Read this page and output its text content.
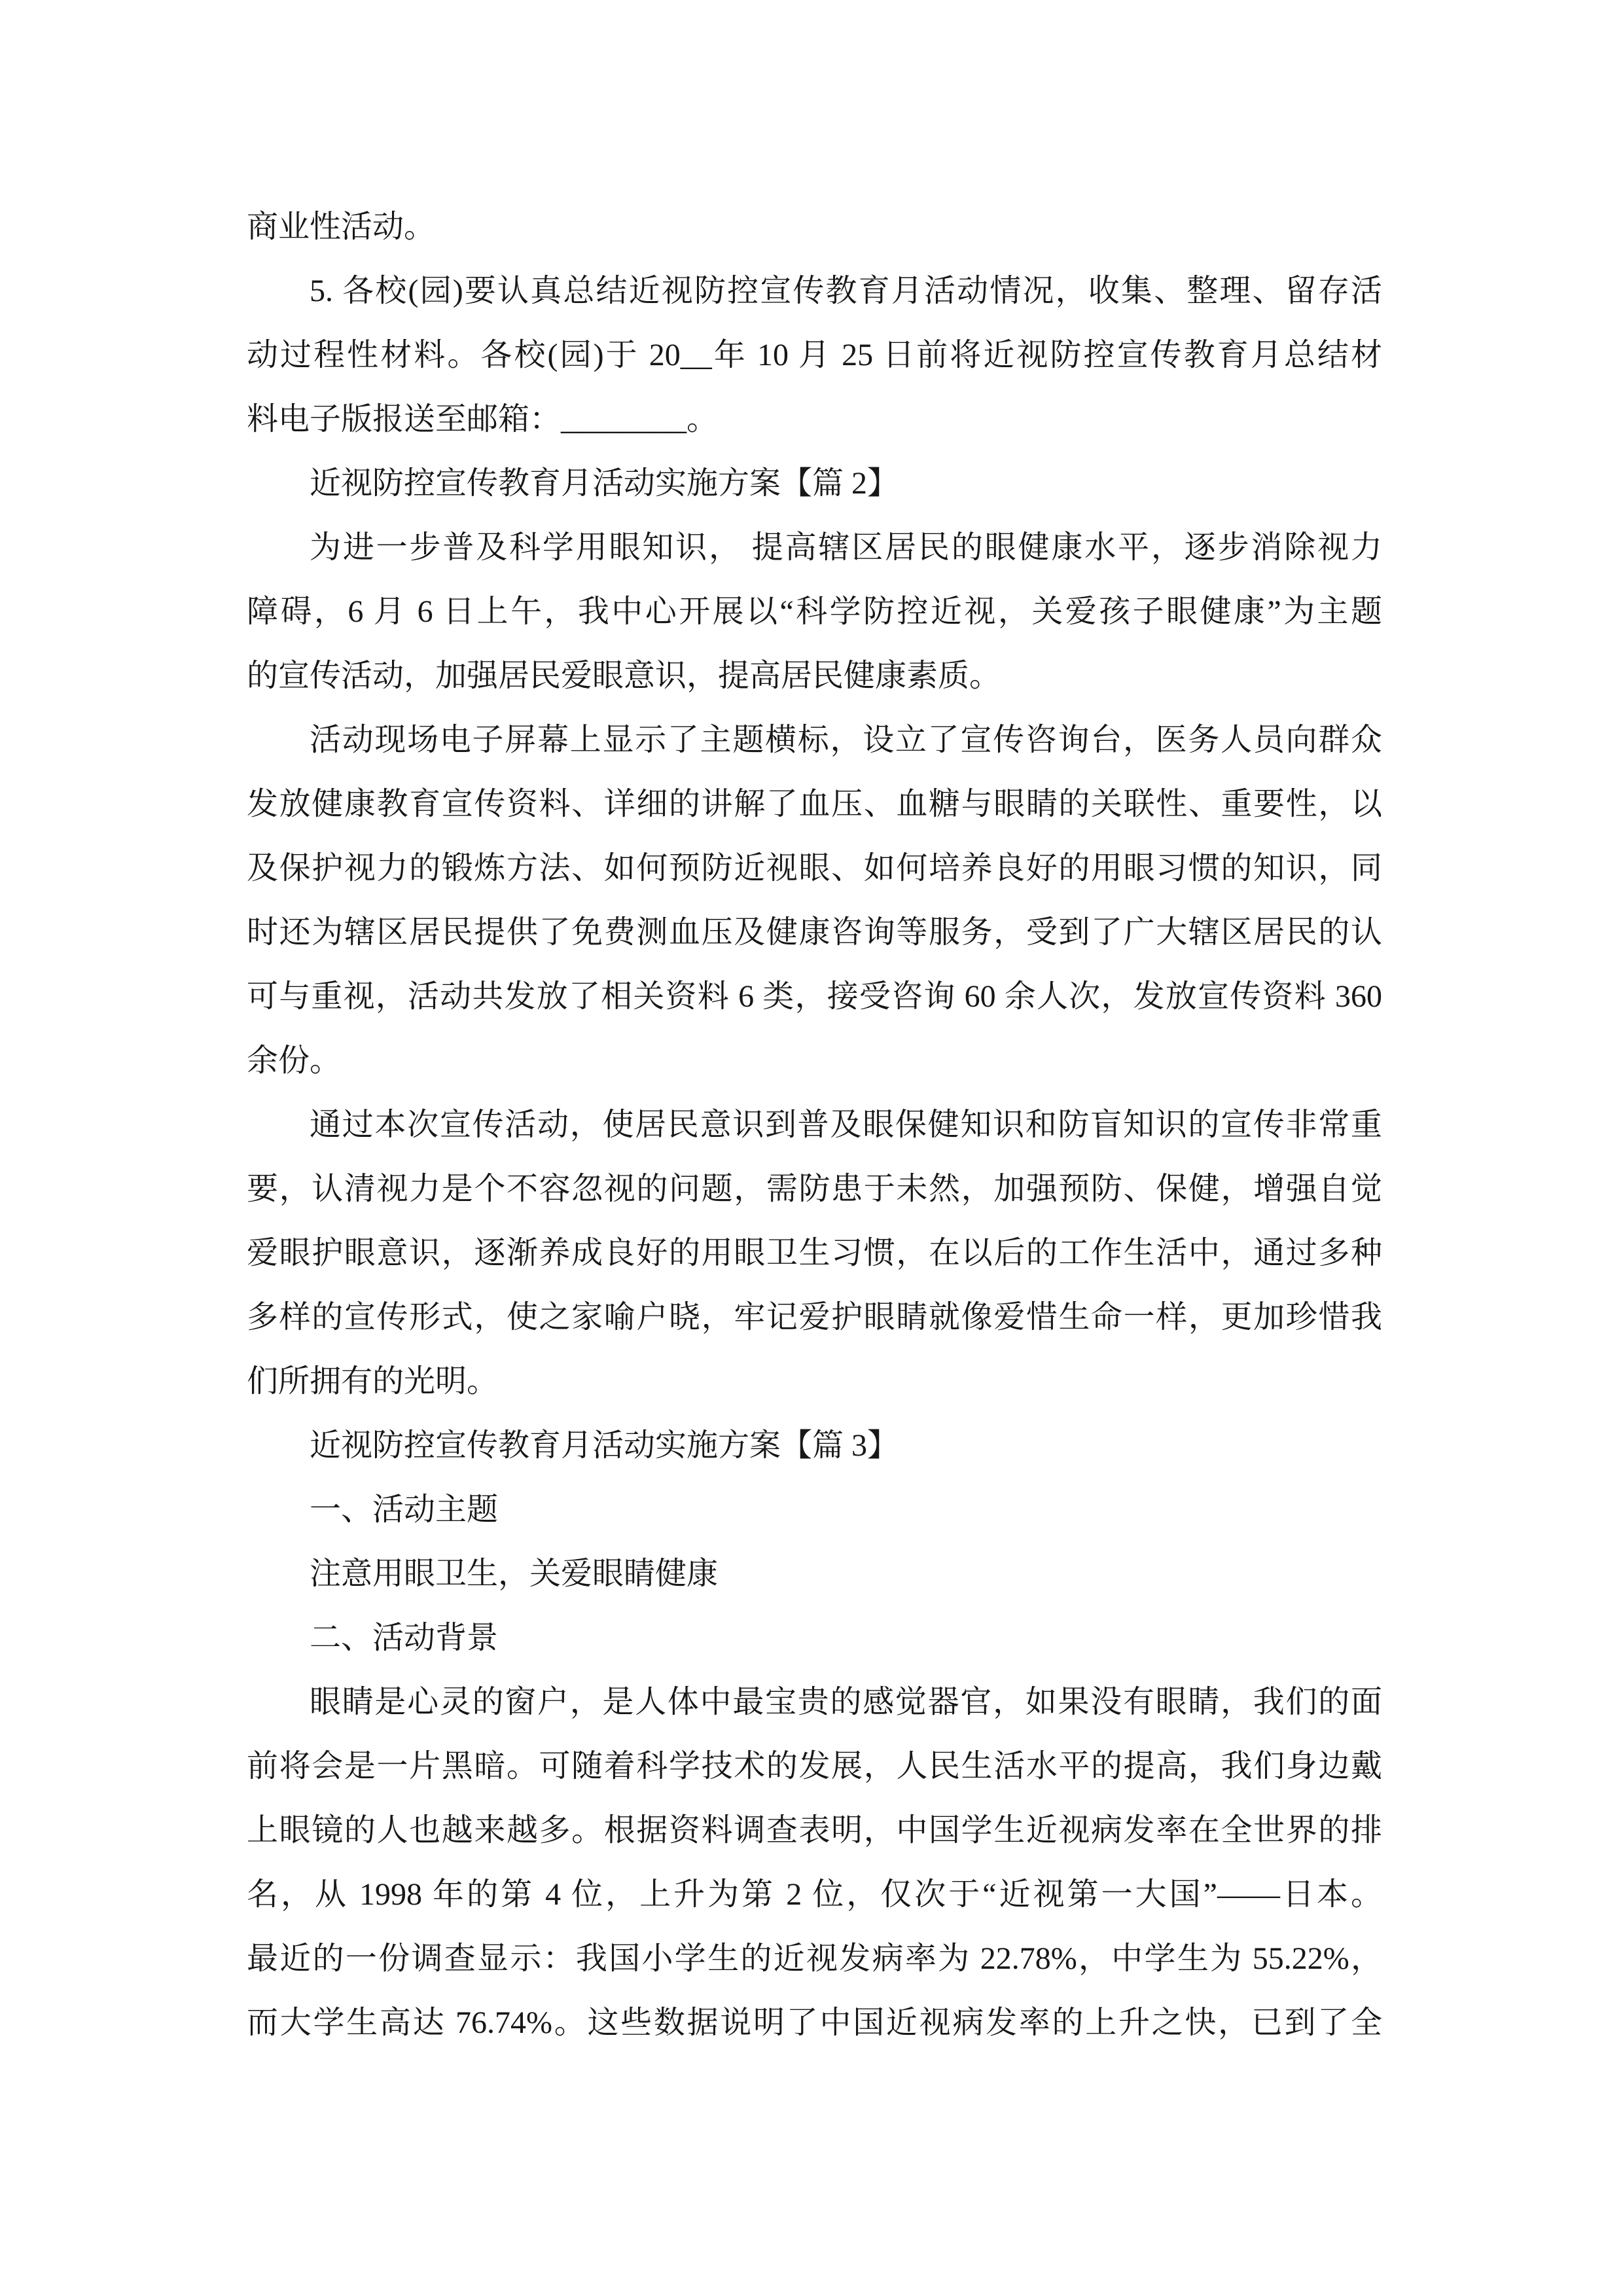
商业性活动。
5. 各校(园)要认真总结近视防控宣传教育月活动情况，收集、整理、留存活
动过程性材料。各校(园)于 20__年 10 月 25 日前将近视防控宣传教育月总结材
料电子版报送至邮箱：________。
近视防控宣传教育月活动实施方案【篇 2】
为进一步普及科学用眼知识， 提高辖区居民的眼健康水平，逐步消除视力
障碍，6 月 6 日上午，我中心开展以“科学防控近视，关爱孩子眼健康”为主题
的宣传活动，加强居民爱眼意识，提高居民健康素质。
活动现场电子屏幕上显示了主题横标，设立了宣传咨询台，医务人员向群众
发放健康教育宣传资料、详细的讲解了血压、血糖与眼睛的关联性、重要性，以
及保护视力的锻炼方法、如何预防近视眼、如何培养良好的用眼习惯的知识，同
时还为辖区居民提供了免费测血压及健康咨询等服务，受到了广大辖区居民的认
可与重视，活动共发放了相关资料 6 类，接受咨询 60 余人次，发放宣传资料 360
余份。
通过本次宣传活动，使居民意识到普及眼保健知识和防盲知识的宣传非常重
要，认清视力是个不容忽视的问题，需防患于未然，加强预防、保健，增强自觉
爱眼护眼意识，逐渐养成良好的用眼卫生习惯，在以后的工作生活中，通过多种
多样的宣传形式，使之家喻户晓，牢记爱护眼睛就像爱惜生命一样，更加珍惜我
们所拥有的光明。
近视防控宣传教育月活动实施方案【篇 3】
一、活动主题
注意用眼卫生，关爱眼睛健康
二、活动背景
眼睛是心灵的窗户，是人体中最宝贵的感觉器官，如果没有眼睛，我们的面
前将会是一片黑暗。可随着科学技术的发展，人民生活水平的提高，我们身边戴
上眼镜的人也越来越多。根据资料调查表明，中国学生近视病发率在全世界的排
名，从 1998 年的第 4 位，上升为第 2 位，仅次于“近视第一大国”——日本。
最近的一份调查显示：我国小学生的近视发病率为 22.78%，中学生为 55.22%，
而大学生高达 76.74%。这些数据说明了中国近视病发率的上升之快，已到了全
